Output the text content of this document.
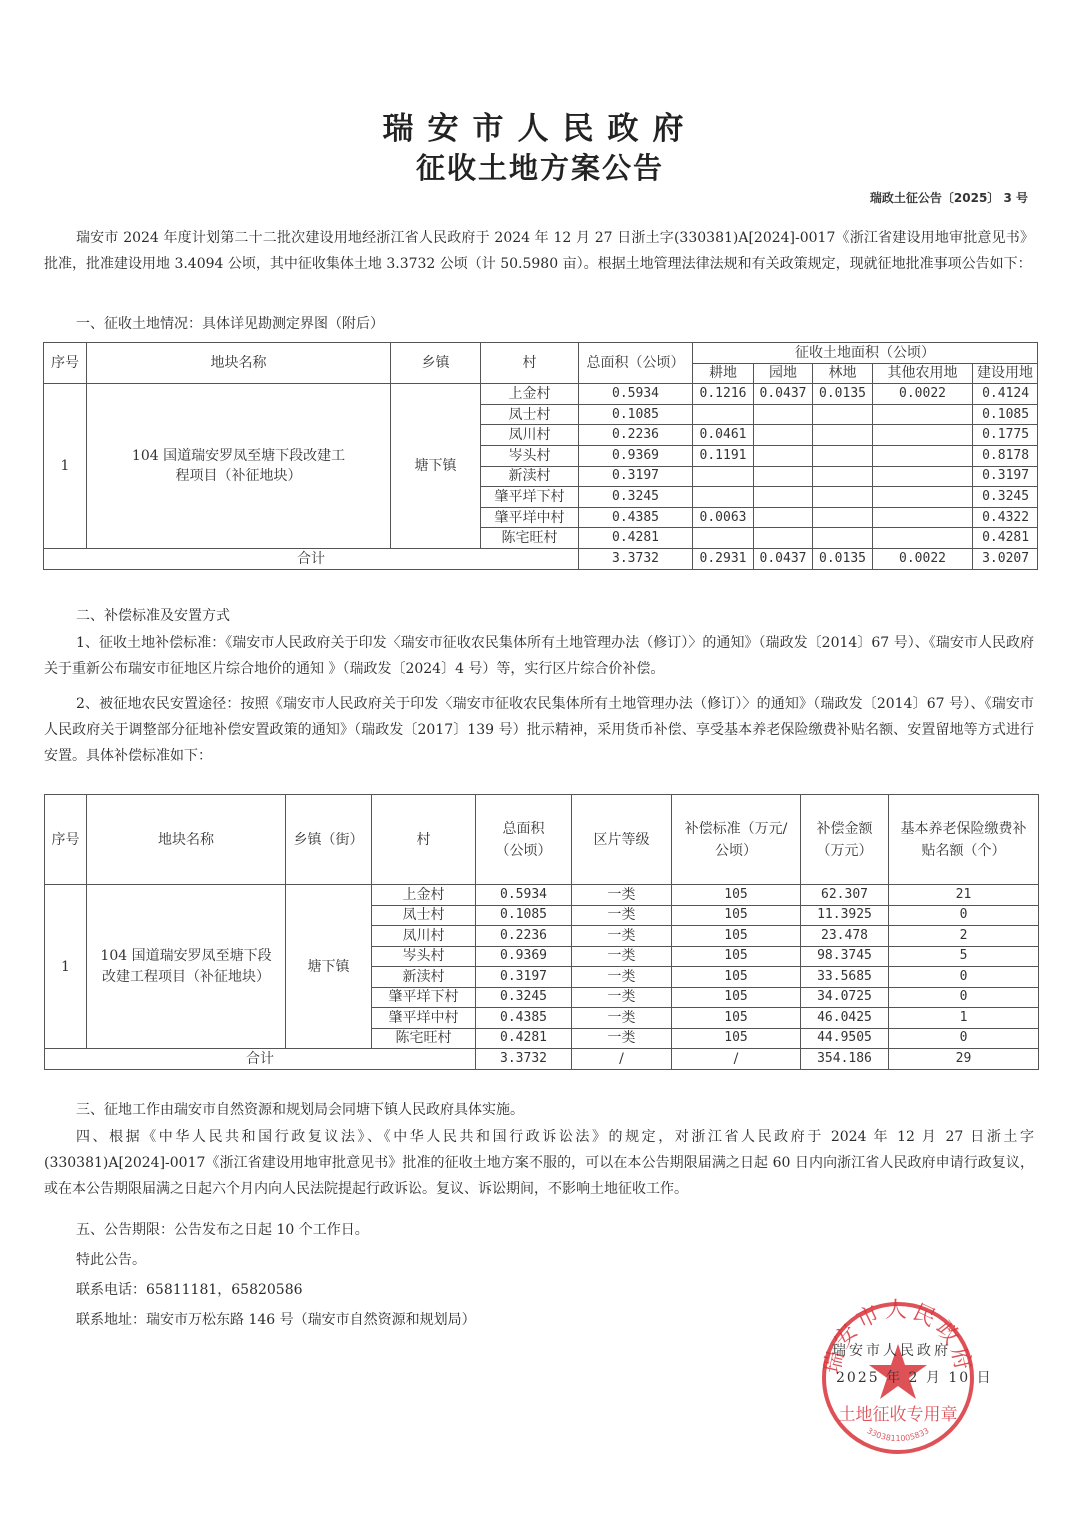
瑞安市人民政府
征收土地方案公告
瑞政土征公告〔2025〕 3 号
瑞安市 2024 年度计划第二十二批次建设用地经浙江省人民政府于 2024 年 12 月 27 日浙土字(330381)A[2024]-0017《浙江省建设用地审批意见书》批准，批准建设用地 3.4094 公顷，其中征收集体土地 3.3732 公顷（计 50.5980 亩）。根据土地管理法律法规和有关政策规定，现就征地批准事项公告如下：
一、征收土地情况：具体详见勘测定界图（附后）
序号	地块名称	乡镇	村	总面积（公顷）	征收土地面积（公顷）				
					耕地	园地	林地	其他农用地	建设用地
1	104 国道瑞安罗凤至塘下段改建工程项目（补征地块）	塘下镇	上金村	0.5934	0.1216	0.0437	0.0135	0.0022	0.4124
			凤士村	0.1085					0.1085
			凤川村	0.2236	0.0461				0.1775
			岑头村	0.9369	0.1191				0.8178
			新渎村	0.3197					0.3197
			肇平垟下村	0.3245					0.3245
			肇平垟中村	0.4385	0.0063				0.4322
			陈宅旺村	0.4281					0.4281
合计				3.3732	0.2931	0.0437	0.0135	0.0022	3.0207
二、补偿标准及安置方式
1、征收土地补偿标准：《瑞安市人民政府关于印发〈瑞安市征收农民集体所有土地管理办法（修订）〉的通知》（瑞政发〔2014〕67 号）、《瑞安市人民政府关于重新公布瑞安市征地区片综合地价的通知 》（瑞政发〔2024〕4 号）等，实行区片综合价补偿。
2、被征地农民安置途径：按照《瑞安市人民政府关于印发〈瑞安市征收农民集体所有土地管理办法（修订）〉的通知》（瑞政发〔2014〕67 号）、《瑞安市人民政府关于调整部分征地补偿安置政策的通知》（瑞政发〔2017〕139 号）批示精神，采用货币补偿、享受基本养老保险缴费补贴名额、安置留地等方式进行安置。具体补偿标准如下：
序号	地块名称	乡镇（街）	村	总面积（公顷）	区片等级	补偿标准（万元/公顷）	补偿金额（万元）	基本养老保险缴费补贴名额（个）
1	104 国道瑞安罗凤至塘下段改建工程项目（补征地块）	塘下镇	上金村	0.5934	一类	105	62.307	21
			凤士村	0.1085	一类	105	11.3925	0
			凤川村	0.2236	一类	105	23.478	2
			岑头村	0.9369	一类	105	98.3745	5
			新渎村	0.3197	一类	105	33.5685	0
			肇平垟下村	0.3245	一类	105	34.0725	0
			肇平垟中村	0.4385	一类	105	46.0425	1
			陈宅旺村	0.4281	一类	105	44.9505	0
合计				3.3732	/	/	354.186	29
三、征地工作由瑞安市自然资源和规划局会同塘下镇人民政府具体实施。
四、根据《中华人民共和国行政复议法》、《中华人民共和国行政诉讼法》的规定，对浙江省人民政府于 2024 年 12 月 27 日浙土字(330381)A[2024]-0017《浙江省建设用地审批意见书》批准的征收土地方案不服的，可以在本公告期限届满之日起 60 日内向浙江省人民政府申请行政复议，或在本公告期限届满之日起六个月内向人民法院提起行政诉讼。复议、诉讼期间，不影响土地征收工作。
五、公告期限：公告发布之日起 10 个工作日。
特此公告。
联系电话：65811181，65820586
联系地址：瑞安市万松东路 146 号（瑞安市自然资源和规划局）
瑞安市人民政府
土地征收专用章
3303811005833
瑞安市人民政府
2025 年 2 月 10 日
